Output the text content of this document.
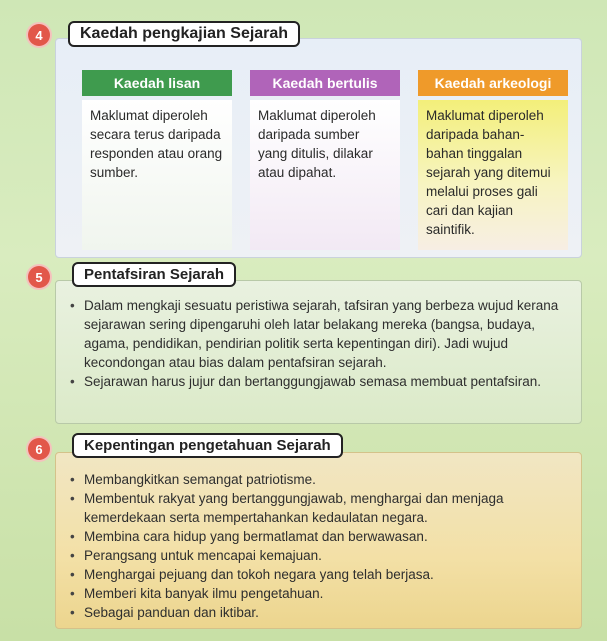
4	Kaedah pengkajian Sejarah
Kaedah lisan	Kaedah bertulis	Kaedah arkeologi
Maklumat diperoleh secara terus daripada responden atau orang sumber.
Maklumat diperoleh daripada sumber yang ditulis, dilakar atau dipahat.
Maklumat diperoleh daripada bahan-bahan tinggalan sejarah yang ditemui melalui proses gali cari dan kajian saintifik.
5	Pentafsiran Sejarah
• Dalam mengkaji sesuatu peristiwa sejarah, tafsiran yang berbeza wujud kerana sejarawan sering dipengaruhi oleh latar belakang mereka (bangsa, budaya, agama, pendidikan, pendirian politik serta kepentingan diri). Jadi wujud kecondongan atau bias dalam pentafsiran sejarah.
• Sejarawan harus jujur dan bertanggungjawab semasa membuat pentafsiran.
6	Kepentingan pengetahuan Sejarah
• Membangkitkan semangat patriotisme.
• Membentuk rakyat yang bertanggungjawab, menghargai dan menjaga kemerdekaan serta mempertahankan kedaulatan negara.
• Membina cara hidup yang bermatlamat dan berwawasan.
• Perangsang untuk mencapai kemajuan.
• Menghargai pejuang dan tokoh negara yang telah berjasa.
• Memberi kita banyak ilmu pengetahuan.
• Sebagai panduan dan iktibar.
